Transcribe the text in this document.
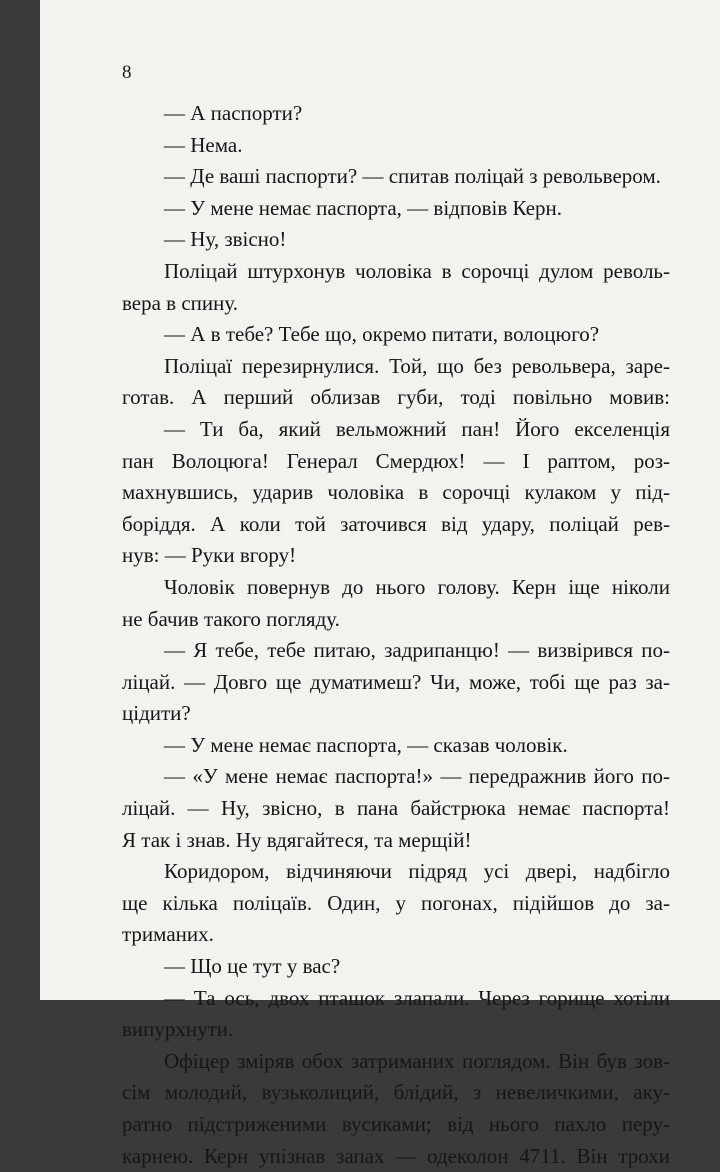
8
— А паспорти?
— Нема.
— Де ваші паспорти? — спитав поліцай з револьвером.
— У мене немає паспорта, — відповів Керн.
— Ну, звісно!
Поліцай штурхонув чоловіка в сорочці дулом револь-
вера в спину.
— А в тебе? Тебе що, окремо питати, волоцюго?
Поліцаї перезирнулися. Той, що без револьвера, заре-
готав. А перший облизав губи, тоді повільно мовив:
— Ти ба, який вельможний пан! Його екселенція
пан Волоцюга! Генерал Смердюх! — І раптом, роз-
махнувшись, ударив чоловіка в сорочці кулаком у під-
боріддя. А коли той заточився від удару, поліцай рев-
нув: — Руки вгору!
Чоловік повернув до нього голову. Керн іще ніколи
не бачив такого погляду.
— Я тебе, тебе питаю, задрипанцю! — визвірився по-
ліцай. — Довго ще думатимеш? Чи, може, тобі ще раз за-
цідити?
— У мене немає паспорта, — сказав чоловік.
— «У мене немає паспорта!» — передражнив його по-
ліцай. — Ну, звісно, в пана байстрюка немає паспорта!
Я так і знав. Ну вдягайтеся, та мерщій!
Коридором, відчиняючи підряд усі двері, надбігло
ще кілька поліцаїв. Один, у погонах, підійшов до за-
триманих.
— Що це тут у вас?
— Та ось, двох пташок злапали. Через горище хотіли
випурхнути.
Офіцер зміряв обох затриманих поглядом. Він був зов-
сім молодий, вузьколиций, блідий, з невеличкими, аку-
ратно підстриженими вусиками; від нього пахло перу-
карнею. Керн упізнав запах — одеколон 4711. Він трохи
